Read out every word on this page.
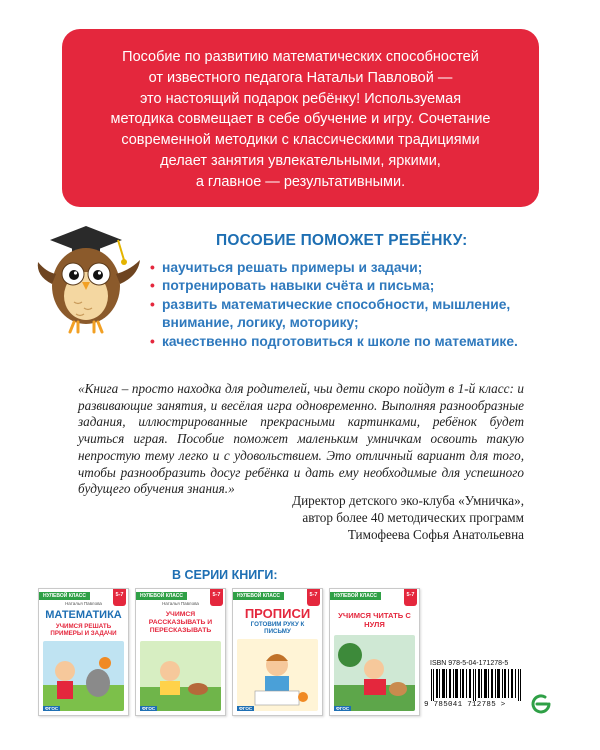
Пособие по развитию математических способностей
от известного педагога Натальи Павловой —
это настоящий подарок ребёнку! Используемая
методика совмещает в себе обучение и игру. Сочетание
современной методики с классическими традициями
делает занятия увлекательными, яркими,
а главное — результативными.

ПОСОБИЕ ПОМОЖЕТ РЕБЁНКУ:
• научиться решать примеры и задачи;
• потренировать навыки счёта и письма;
• развить математические способности, мышление, внимание, логику, моторику;
• качественно подготовиться к школе по математике.

«Книга – просто находка для родителей, чьи дети скоро пойдут в 1-й класс: и развивающие занятия, и весёлая игра одновременно. Выполняя разнообразные задания, иллюстрированные прекрасными картинками, ребёнок будет учиться играя. Пособие поможет маленьким умничкам освоить такую непростую тему легко и с удовольствием. Это отличный вариант для того, чтобы разнообразить досуг ребёнка и дать ему необходимые для успешного будущего обучения знания.»

Директор детского эко-клуба «Умничка»,
автор более 40 методических программ
Тимофеева Софья Анатольевна
В СЕРИИ КНИГИ:
НУЛЕВОЙ КЛАСС	5-7
Наталья Павлова
МАТЕМАТИКА
УЧИМСЯ РЕШАТЬ ПРИМЕРЫ И ЗАДАЧИ
ФГОС
НУЛЕВОЙ КЛАСС	5-7
Наталья Павлова
УЧИМСЯ РАССКАЗЫВАТЬ И ПЕРЕСКАЗЫВАТЬ
ФГОС
НУЛЕВОЙ КЛАСС	5-7
ПРОПИСИ
ГОТОВИМ РУКУ К ПИСЬМУ
ФГОС
НУЛЕВОЙ КЛАСС	5-7
УЧИМСЯ ЧИТАТЬ С НУЛЯ
ФГОС
ISBN 978-5-04-171278-5
9 785041 712785 >
